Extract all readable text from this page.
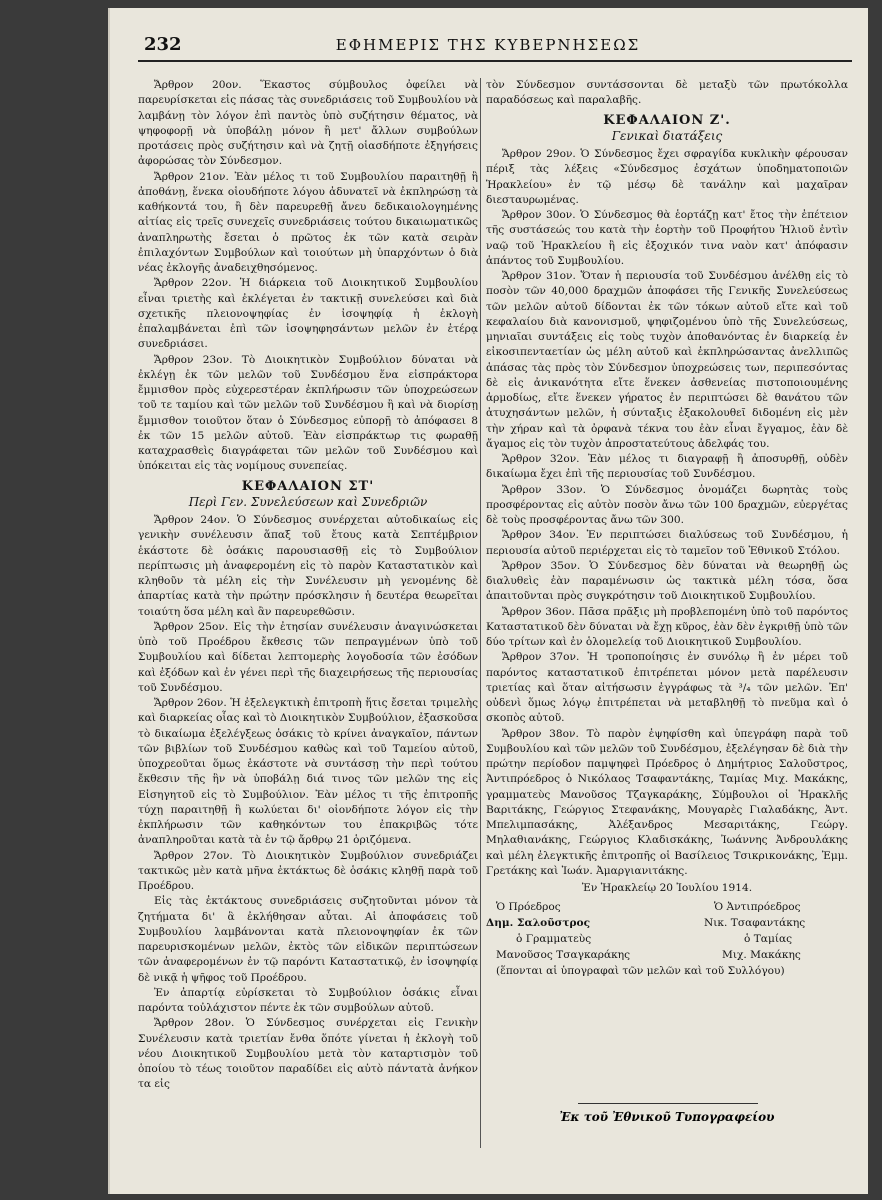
232	ΕΦΗΜΕΡΙΣ ΤΗΣ ΚΥΒΕΡΝΗΣΕΩΣ

Ἄρθρον 20ον. Ἕκαστος σύμβουλος ὀφείλει νὰ παρευρίσκεται εἰς πάσας τὰς συνεδριάσεις τοῦ Συμβουλίου νὰ λαμβάνῃ τὸν λόγον ἐπὶ παντὸς ὑπὸ συζήτησιν θέματος, νὰ ψηφοφορῇ νὰ ὑποβάλῃ μόνον ἢ μετ' ἄλλων συμβούλων προτάσεις πρὸς συζήτησιν καὶ νὰ ζητῇ οἱασδήποτε ἐξηγήσεις ἀφορώσας τὸν Σύνδεσμον.

Ἄρθρον 21ον. Ἐὰν μέλος τι τοῦ Συμβουλίου παραιτηθῇ ἢ ἀποθάνῃ, ἕνεκα οἱουδήποτε λόγου ἀδυνατεῖ νὰ ἐκπληρώσῃ τὰ καθήκοντά του, ἢ δὲν παρευρεθῇ ἄνευ δεδικαιολογημένης αἰτίας εἰς τρεῖς συνεχεῖς συνεδριάσεις τούτου δικαιωματικῶς ἀναπληρωτὴς ἔσεται ὁ πρῶτος ἐκ τῶν κατὰ σειρὰν ἐπιλαχόντων Συμβούλων καὶ τοιούτων μὴ ὑπαρχόντων ὁ διὰ νέας ἐκλογῆς ἀναδειχθησόμενος.

Ἄρθρον 22ον. Ἡ διάρκεια τοῦ Διοικητικοῦ Συμβουλίου εἶναι τριετὴς καὶ ἐκλέγεται ἐν τακτικῇ συνελεύσει καὶ διὰ σχετικῆς πλειονοψηφίας ἐν ἰσοψηφίᾳ ἡ ἐκλογὴ ἐπαλαμβάνεται ἐπὶ τῶν ἰσοψηφησάντων μελῶν ἐν ἑτέρᾳ συνεδριάσει.

Ἄρθρον 23ον. Τὸ Διοικητικὸν Συμβούλιον δύναται νὰ ἐκλέγῃ ἐκ τῶν μελῶν τοῦ Συνδέσμου ἕνα εἰσπράκτορα ἔμμισθον πρὸς εὐχερεστέραν ἐκπλήρωσιν τῶν ὑποχρεώσεων τοῦ τε ταμίου καὶ τῶν μελῶν τοῦ Συνδέσμου ἢ καὶ νὰ διορίσῃ ἔμμισθον τοιοῦτον ὅταν ὁ Σύνδεσμος εὐπορῇ τὸ ἀπόφασει 8 ἐκ τῶν 15 μελῶν αὐτοῦ. Ἐὰν εἰσπράκτωρ τις φωραθῇ καταχρασθεὶς διαγράφεται τῶν μελῶν τοῦ Συνδέσμου καὶ ὑπόκειται εἰς τὰς νομίμους συνεπείας.

ΚΕΦΑΛΑΙΟΝ ΣΤ'
Περὶ Γεν. Συνελεύσεων καὶ Συνεδριῶν

Ἄρθρον 24ον. Ὁ Σύνδεσμος συνέρχεται αὐτοδικαίως εἰς γενικὴν συνέλευσιν ἅπαξ τοῦ ἔτους κατὰ Σεπτέμβριον ἑκάστοτε δὲ ὁσάκις παρουσιασθῇ εἰς τὸ Συμβούλιον περίπτωσις μὴ ἀναφερομένη εἰς τὸ παρὸν Καταστατικὸν καὶ κληθοῦν τὰ μέλη εἰς τὴν Συνέλευσιν μὴ γενομένης δὲ ἀπαρτίας κατὰ τὴν πρώτην πρόσκλησιν ἡ δευτέρα θεωρεῖται τοιαύτη ὅσα μέλη καὶ ἂν παρευρεθῶσιν.

Ἄρθρον 25ον. Εἰς τὴν ἐτησίαν συνέλευσιν ἀναγινώσκεται ὑπὸ τοῦ Προέδρου ἔκθεσις τῶν πεπραγμένων ὑπὸ τοῦ Συμβουλίου καὶ δίδεται λεπτομερὴς λογοδοσία τῶν ἐσόδων καὶ ἐξόδων καὶ ἐν γένει περὶ τῆς διαχειρήσεως τῆς περιουσίας τοῦ Συνδέσμου.

Ἄρθρον 26ον. Ἡ ἐξελεγκτικὴ ἐπιτροπὴ ἥτις ἔσεται τριμελὴς καὶ διαρκείας οἷας καὶ τὸ Διοικητικὸν Συμβούλιον, ἐξασκοῦσα τὸ δικαίωμα ἐξελέγξεως ὁσάκις τὸ κρίνει ἀναγκαῖον, πάντων τῶν βιβλίων τοῦ Συνδέσμου καθὼς καὶ τοῦ Ταμείου αὐτοῦ, ὑποχρεοῦται ὅμως ἑκάστοτε νὰ συντάσσῃ τὴν περὶ τούτου ἔκθεσιν τῆς ἣν νὰ ὑποβάλῃ διά τινος τῶν μελῶν της εἰς Εἰσηγητοῦ εἰς τὸ Συμβούλιον. Ἐὰν μέλος τι τῆς ἐπιτροπῆς τύχῃ παραιτηθῇ ἢ κωλύεται δι' οἱονδήποτε λόγον εἰς τὴν ἐκπλήρωσιν τῶν καθηκόντων του ἐπακριβῶς τότε ἀναπληροῦται κατὰ τὰ ἐν τῷ ἄρθρῳ 21 ὁριζόμενα.

Ἄρθρον 27ον. Τὸ Διοικητικὸν Συμβούλιον συνεδριάζει τακτικῶς μὲν κατὰ μῆνα ἐκτάκτως δὲ ὁσάκις κληθῇ παρὰ τοῦ Προέδρου.

Εἰς τὰς ἐκτάκτους συνεδριάσεις συζητοῦνται μόνον τὰ ζητήματα δι' ἃ ἐκλήθησαν αὗται. Αἱ ἀποφάσεις τοῦ Συμβουλίου λαμβάνονται κατὰ πλειονοψηφίαν ἐκ τῶν παρευρισκομένων μελῶν, ἐκτὸς τῶν εἰδικῶν περιπτώσεων τῶν ἀναφερομένων ἐν τῷ παρόντι Καταστατικῷ, ἐν ἰσοψηφίᾳ δὲ νικᾷ ἡ ψῆφος τοῦ Προέδρου.

Ἐν ἀπαρτίᾳ εὑρίσκεται τὸ Συμβούλιον ὁσάκις εἶναι παρόντα τοὐλάχιστον πέντε ἐκ τῶν συμβούλων αὐτοῦ.

Ἄρθρον 28ον. Ὁ Σύνδεσμος συνέρχεται εἰς Γενικὴν Συνέλευσιν κατὰ τριετίαν ἔνθα ὅπότε γίνεται ἡ ἐκλογὴ τοῦ νέου Διοικητικοῦ Συμβουλίου μετὰ τὸν καταρτισμὸν τοῦ ὁποίου τὸ τέως τοιοῦτον παραδίδει εἰς αὐτὸ πάντατὰ ἀνήκον τα εἰς

τὸν Σύνδεσμον συντάσσονται δὲ μεταξὺ τῶν πρωτόκολλα παραδόσεως καὶ παραλαβῆς.

ΚΕΦΑΛΑΙΟΝ Ζ'.
Γενικαὶ διατάξεις

Ἄρθρον 29ον. Ὁ Σύνδεσμος ἔχει σφραγίδα κυκλικὴν φέρουσαν πέριξ τὰς λέξεις «Σύνδεσμος ἐσχάτων ὑποδηματοποιῶν Ἡρακλείου» ἐν τῷ μέσῳ δὲ τανάλην καὶ μαχαῖραν διεσταυρωμένας.

Ἄρθρον 30ον. Ὁ Σύνδεσμος θὰ ἑορτάζῃ κατ' ἔτος τὴν ἐπέτειον τῆς συστάσεώς του κατὰ τὴν ἑορτὴν τοῦ Προφήτου Ἠλιοῦ ἐντὶν ναῷ τοῦ Ἡρακλείου ἢ εἰς ἐξοχικόν τινα ναὸν κατ' ἀπόφασιν ἁπάντος τοῦ Συμβουλίου.

Ἄρθρον 31ον. Ὅταν ἡ περιουσία τοῦ Συνδέσμου ἀνέλθῃ εἰς τὸ ποσὸν τῶν 40,000 δραχμῶν ἀποφάσει τῆς Γενικῆς Συνελεύσεως τῶν μελῶν αὐτοῦ δίδονται ἐκ τῶν τόκων αὐτοῦ εἴτε καὶ τοῦ κεφαλαίου διὰ κανονισμοῦ, ψηφιζομένου ὑπὸ τῆς Συνελεύσεως, μηνιαῖαι συντάξεις εἰς τοὺς τυχὸν ἀποθανόντας ἐν διαρκείᾳ ἐν εἰκοσιπενταετίαν ὡς μέλη αὐτοῦ καὶ ἐκπληρώσαντας ἀνελλιπῶς ἁπάσας τὰς πρὸς τὸν Σύνδεσμον ὑποχρεώσεις των, περιπεσόντας δὲ εἰς ἀνικανότητα εἴτε ἕνεκεν ἀσθενείας πιστοποιουμένης ἁρμοδίως, εἴτε ἕνεκεν γήρατος ἐν περιπτώσει δὲ θανάτου τῶν ἀτυχησάντων μελῶν, ἡ σύνταξις ἐξακολουθεῖ διδομένη εἰς μὲν τὴν χήραν καὶ τὰ ὀρφανὰ τέκνα του ἐὰν εἶναι ἔγγαμος, ἐὰν δὲ ἄγαμος εἰς τὸν τυχὸν ἀπροστατεύτους ἀδελφάς του.

Ἄρθρον 32ον. Ἐὰν μέλος τι διαγραφῇ ἢ ἀποσυρθῇ, οὐδὲν δικαίωμα ἔχει ἐπὶ τῆς περιουσίας τοῦ Συνδέσμου.

Ἄρθρον 33ον. Ὁ Σύνδεσμος ὀνομάζει δωρητὰς τοὺς προσφέροντας εἰς αὐτὸν ποσὸν ἄνω τῶν 100 δραχμῶν, εὐεργέτας δὲ τοὺς προσφέροντας ἄνω τῶν 300.

Ἄρθρον 34ον. Ἐν περιπτώσει διαλύσεως τοῦ Συνδέσμου, ἡ περιουσία αὐτοῦ περιέρχεται εἰς τὸ ταμεῖον τοῦ Ἐθνικοῦ Στόλου.

Ἄρθρον 35ον. Ὁ Σύνδεσμος δὲν δύναται νὰ θεωρηθῇ ὡς διαλυθεὶς ἐὰν παραμένωσιν ὡς τακτικὰ μέλη τόσα, ὅσα ἀπαιτοῦνται πρὸς συγκρότησιν τοῦ Διοικητικοῦ Συμβουλίου.

Ἄρθρον 36ον. Πᾶσα πρᾶξις μὴ προβλεπομένη ὑπὸ τοῦ παρόντος Καταστατικοῦ δὲν δύναται νὰ ἔχῃ κῦρος, ἐὰν δὲν ἐγκριθῇ ὑπὸ τῶν δύο τρίτων καὶ ἐν ὁλομελείᾳ τοῦ Διοικητικοῦ Συμβουλίου.

Ἄρθρον 37ον. Ἡ τροποποίησις ἐν συνόλῳ ἢ ἐν μέρει τοῦ παρόντος καταστατικοῦ ἐπιτρέπεται μόνον μετὰ παρέλευσιν τριετίας καὶ ὅταν αἰτήσωσιν ἐγγράφως τὰ ³/₄ τῶν μελῶν. Ἐπ' οὐδενὶ ὅμως λόγῳ ἐπιτρέπεται νὰ μεταβληθῇ τὸ πνεῦμα καὶ ὁ σκοπὸς αὐτοῦ.

Ἄρθρον 38ον. Τὸ παρὸν ἐψηφίσθη καὶ ὑπεγράφη παρὰ τοῦ Συμβουλίου καὶ τῶν μελῶν τοῦ Συνδέσμου, ἐξελέγησαν δὲ διὰ τὴν πρώτην περίοδον παμψηφεὶ Πρόεδρος ὁ Δημήτριος Σαλοῦστρος, Ἀντιπρόεδρος ὁ Νικόλαος Τσαφαντάκης, Ταμίας Μιχ. Μακάκης, γραμματεὺς Μανοῦσος Τζαγκαράκης, Σύμβουλοι οἱ Ἡρακλῆς Βαριτάκης, Γεώργιος Στεφανάκης, Μουγαρὲς Γιαλαδάκης, Ἀντ. Μπελιμπασάκης, Ἀλέξανδρος Μεσαριτάκης, Γεώργ. Μηλαθιανάκης, Γεώργιος Κλαδισκάκης, Ἰωάννης Ἀνδρουλάκης καὶ μέλη ἐλεγκτικῆς ἐπιτροπῆς οἱ Βασίλειος Τσικρικονάκης, Ἐμμ. Γρετάκης καὶ Ἰωάν. Ἀμαργιανιτάκης.

Ἐν Ἡρακλείῳ 20 Ἰουλίου 1914.
Ὁ Πρόεδρος	Ὁ Ἀντιπρόεδρος
Δημ. Σαλοῦστρος	Νικ. Τσαφαντάκης
ὁ Γραμματεὺς	ὁ Ταμίας
Μανοῦσος Τσαγκαράκης	Μιχ. Μακάκης
(ἕπονται αἱ ὑπογραφαὶ τῶν μελῶν καὶ τοῦ Συλλόγου)
Ἐκ τοῦ Ἐθνικοῦ Τυπογραφείου
